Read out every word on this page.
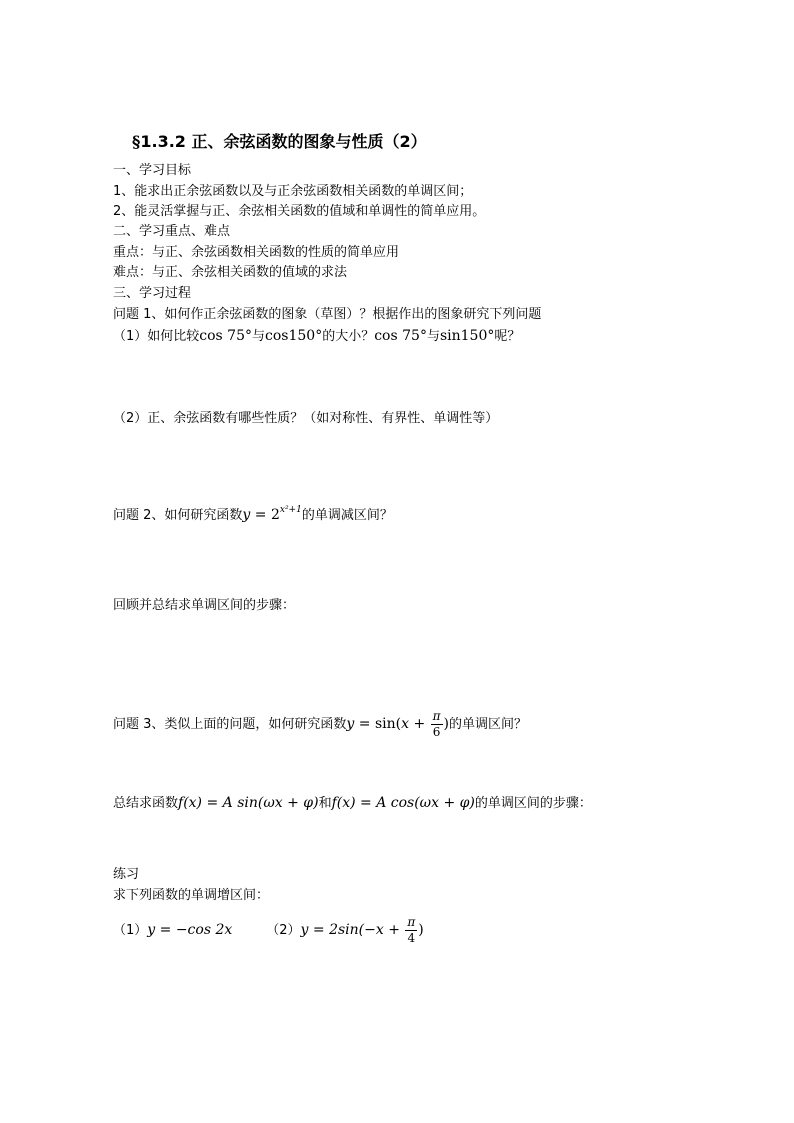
§1.3.2 正、余弦函数的图象与性质（2）
一、学习目标
1、能求出正余弦函数以及与正余弦函数相关函数的单调区间；
2、能灵活掌握与正、余弦相关函数的值域和单调性的简单应用。
二、学习重点、难点
重点：与正、余弦函数相关函数的性质的简单应用
难点：与正、余弦相关函数的值域的求法
三、学习过程
问题 1、如何作正余弦函数的图象（草图）？根据作出的图象研究下列问题
（1）如何比较cos 75°与cos150°的大小？cos 75°与sin150°呢？
（2）正、余弦函数有哪些性质？（如对称性、有界性、单调性等）
问题 2、如何研究函数$y = 2^{x^2+1}$的单调减区间？
回顾并总结求单调区间的步骤：
问题 3、类似上面的问题，如何研究函数$y = \sin(x + \frac{\pi}{6}$ )的单调区间？
总结求函数f(x) = A sin(ωx + φ)和f(x) = A cos(ωx + φ)的单调区间的步骤：
练习
求下列函数的单调增区间：
（1）y = −cos 2x	$(2)y = 2\sin(-x + \frac{\pi}{4}$ )
